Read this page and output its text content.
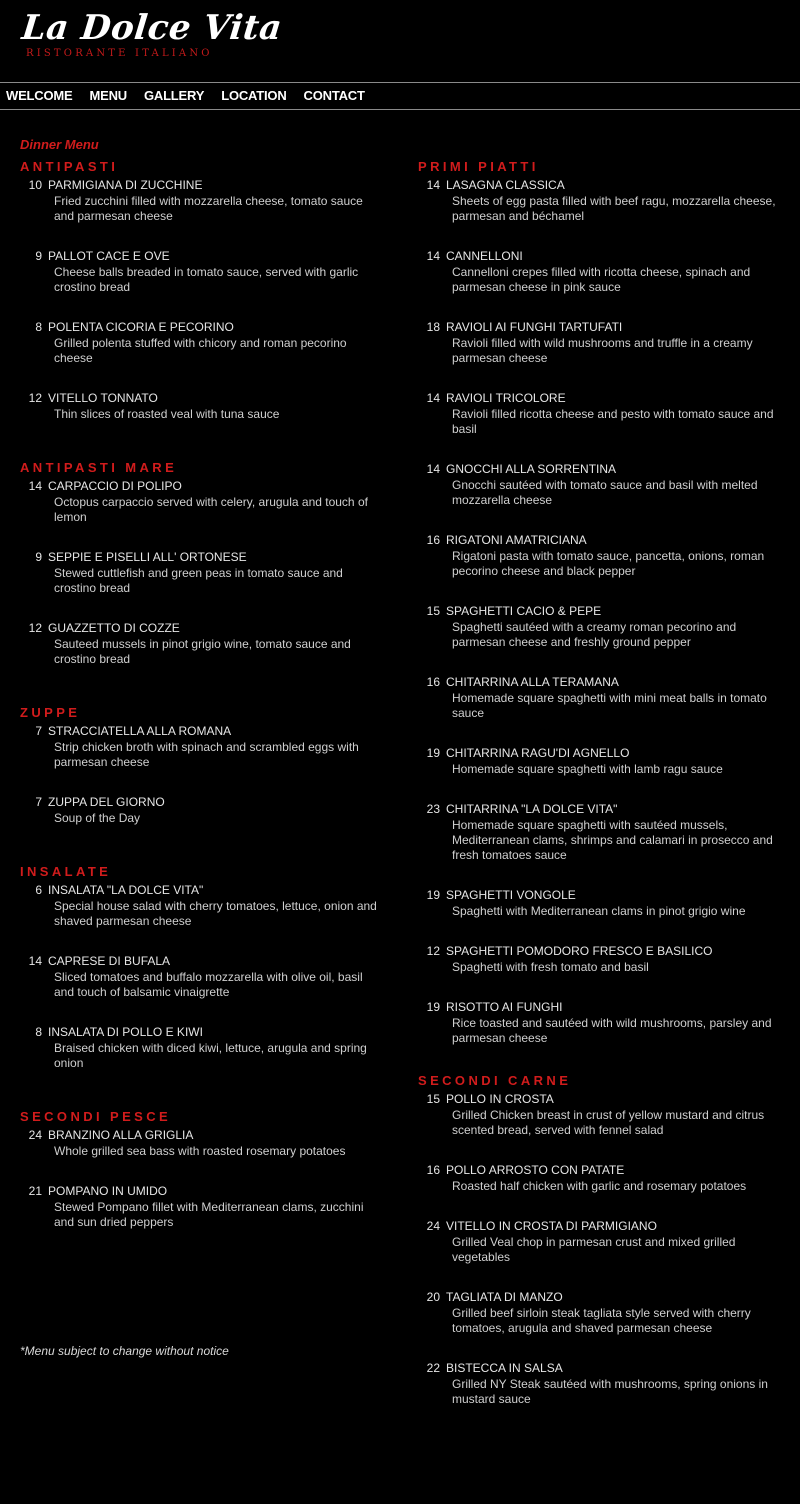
La Dolce Vita
RISTORANTE ITALIANO
WELCOME MENU GALLERY LOCATION CONTACT
Dinner Menu
ANTIPASTI
10 PARMIGIANA DI ZUCCHINE
Fried zucchini filled with mozzarella cheese, tomato sauce and parmesan cheese
9 PALLOT CACE E OVE
Cheese balls breaded in tomato sauce, served with garlic crostino bread
8 POLENTA CICORIA E PECORINO
Grilled polenta stuffed with chicory and roman pecorino cheese
12 VITELLO TONNATO
Thin slices of roasted veal with tuna sauce
ANTIPASTI MARE
14 CARPACCIO DI POLIPO
Octopus carpaccio served with celery, arugula and touch of lemon
9 SEPPIE E PISELLI ALL' ORTONESE
Stewed cuttlefish and green peas in tomato sauce and crostino bread
12 GUAZZETTO DI COZZE
Sauteed mussels in pinot grigio wine, tomato sauce and crostino bread
ZUPPE
7 STRACCIATELLA ALLA ROMANA
Strip chicken broth with spinach and scrambled eggs with parmesan cheese
7 ZUPPA DEL GIORNO
Soup of the Day
INSALATE
6 INSALATA "LA DOLCE VITA"
Special house salad with cherry tomatoes, lettuce, onion and shaved parmesan cheese
14 CAPRESE DI BUFALA
Sliced tomatoes and buffalo mozzarella with olive oil, basil and touch of balsamic vinaigrette
8 INSALATA DI POLLO E KIWI
Braised chicken with diced kiwi, lettuce, arugula and spring onion
SECONDI PESCE
24 BRANZINO ALLA GRIGLIA
Whole grilled sea bass with roasted rosemary potatoes
21 POMPANO IN UMIDO
Stewed Pompano fillet with Mediterranean clams, zucchini and sun dried peppers
PRIMI PIATTI
14 LASAGNA CLASSICA
Sheets of egg pasta filled with beef ragu, mozzarella cheese, parmesan and béchamel
14 CANNELLONI
Cannelloni crepes filled with ricotta cheese, spinach and parmesan cheese in pink sauce
18 RAVIOLI AI FUNGHI TARTUFATI
Ravioli filled with wild mushrooms and truffle in a creamy parmesan cheese
14 RAVIOLI TRICOLORE
Ravioli filled ricotta cheese and pesto with tomato sauce and basil
14 GNOCCHI ALLA SORRENTINA
Gnocchi sautéed with tomato sauce and basil with melted mozzarella cheese
16 RIGATONI AMATRICIANA
Rigatoni pasta with tomato sauce, pancetta, onions, roman pecorino cheese and black pepper
15 SPAGHETTI CACIO & PEPE
Spaghetti sautéed with a creamy roman pecorino and parmesan cheese and freshly ground pepper
16 CHITARRINA ALLA TERAMANA
Homemade square spaghetti with mini meat balls in tomato sauce
19 CHITARRINA RAGU'DI AGNELLO
Homemade square spaghetti with lamb ragu sauce
23 CHITARRINA "LA DOLCE VITA"
Homemade square spaghetti with sautéed mussels, Mediterranean clams, shrimps and calamari in prosecco and fresh tomatoes sauce
19 SPAGHETTI VONGOLE
Spaghetti with Mediterranean clams in pinot grigio wine
12 SPAGHETTI POMODORO FRESCO E BASILICO
Spaghetti with fresh tomato and basil
19 RISOTTO AI FUNGHI
Rice toasted and sautéed with wild mushrooms, parsley and parmesan cheese
SECONDI CARNE
15 POLLO IN CROSTA
Grilled Chicken breast in crust of yellow mustard and citrus scented bread, served with fennel salad
16 POLLO ARROSTO CON PATATE
Roasted half chicken with garlic and rosemary potatoes
24 VITELLO IN CROSTA DI PARMIGIANO
Grilled Veal chop in parmesan crust and mixed grilled vegetables
20 TAGLIATA DI MANZO
Grilled beef sirloin steak tagliata style served with cherry tomatoes, arugula and shaved parmesan cheese
22 BISTECCA IN SALSA
Grilled NY Steak sautéed with mushrooms, spring onions in mustard sauce
*Menu subject to change without notice
